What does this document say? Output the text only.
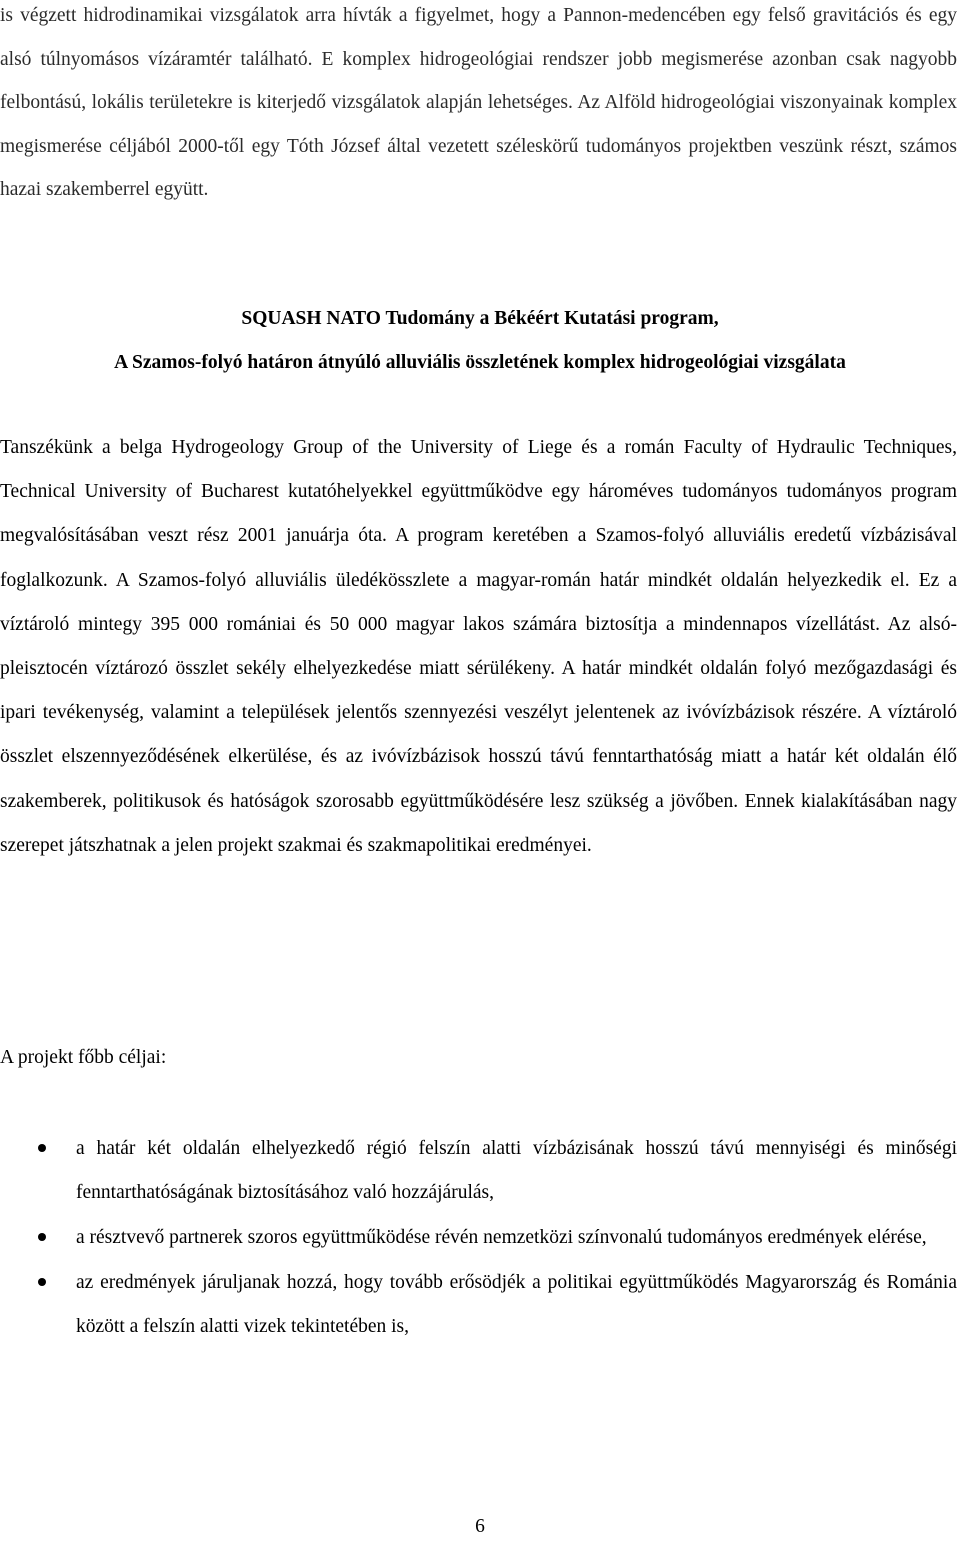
is végzett hidrodinamikai vizsgálatok arra hívták a figyelmet, hogy a Pannon-medencében egy felső gravitációs és egy alsó túlnyomásos vízáramtér található. E komplex hidrogeológiai rendszer jobb megismerése azonban csak nagyobb felbontású, lokális területekre is kiterjedő vizsgálatok alapján lehetséges. Az Alföld hidrogeológiai viszonyainak komplex megismerése céljából 2000-től egy Tóth József által vezetett széleskörű tudományos projektben veszünk részt, számos hazai szakemberrel együtt.

SQUASH NATO Tudomány a Békéért Kutatási program,

A Szamos-folyó határon átnyúló alluviális összletének komplex hidrogeológiai vizsgálata

Tanszékünk a belga Hydrogeology Group of the University of Liege és a román Faculty of Hydraulic Techniques, Technical University of Bucharest kutatóhelyekkel együttműködve egy hároméves tudományos tudományos program megvalósításában veszt rész 2001 januárja óta. A program keretében a Szamos-folyó alluviális eredetű vízbázisával foglalkozunk. A Szamos-folyó alluviális üledékösszlete a magyar-román határ mindkét oldalán helyezkedik el. Ez a víztároló mintegy 395 000 romániai és 50 000 magyar lakos számára biztosítja a mindennapos vízellátást. Az alsó-pleisztocén víztározó összlet sekély elhelyezkedése miatt sérülékeny. A határ mindkét oldalán folyó mezőgazdasági és ipari tevékenység, valamint a települések jelentős szennyezési veszélyt jelentenek az ivóvízbázisok részére. A víztároló összlet elszennyeződésének elkerülése, és az ivóvízbázisok hosszú távú fenntarthatóság miatt a határ két oldalán élő szakemberek, politikusok és hatóságok szorosabb együttműködésére lesz szükség a jövőben. Ennek kialakításában nagy szerepet játszhatnak a jelen projekt szakmai és szakmapolitikai eredményei.

A projekt főbb céljai:

a határ két oldalán elhelyezkedő régió felszín alatti vízbázisának hosszú távú mennyiségi és minőségi fenntarthatóságának biztosításához való hozzájárulás,
a résztvevő partnerek szoros együttműködése révén nemzetközi színvonalú tudományos eredmények elérése,
az eredmények járuljanak hozzá, hogy tovább erősödjék a politikai együttműködés Magyarország és Románia között a felszín alatti vizek tekintetében is,

6
